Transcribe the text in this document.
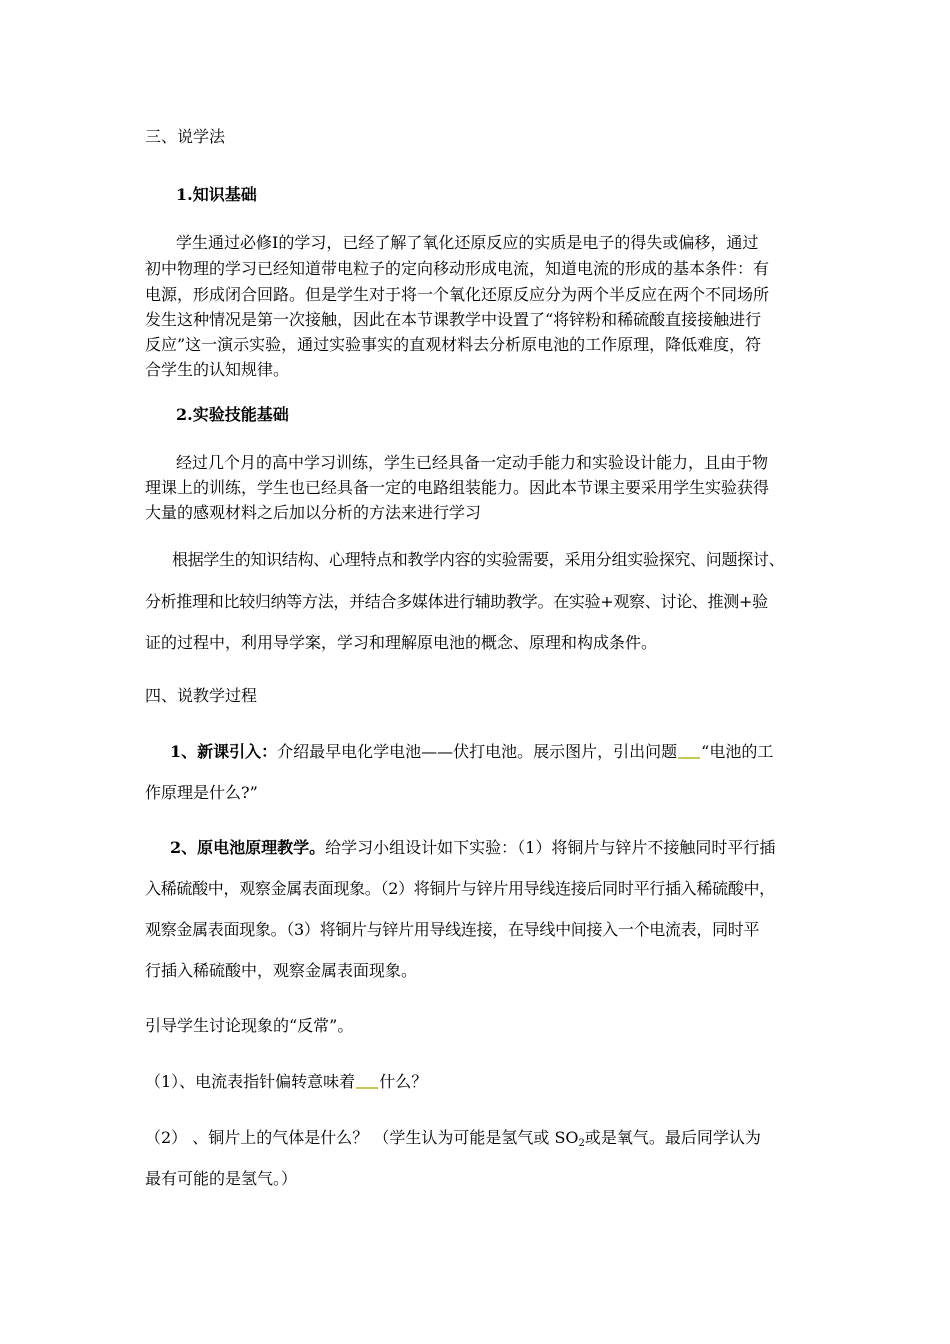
三、说学法
1.知识基础
学生通过必修Ⅰ的学习，已经了解了氧化还原反应的实质是电子的得失或偏移，通过
初中物理的学习已经知道带电粒子的定向移动形成电流，知道电流的形成的基本条件：有
电源，形成闭合回路。但是学生对于将一个氧化还原反应分为两个半反应在两个不同场所
发生这种情况是第一次接触，因此在本节课教学中设置了“将锌粉和稀硫酸直接接触进行
反应”这一演示实验，通过实验事实的直观材料去分析原电池的工作原理，降低难度，符
合学生的认知规律。
2.实验技能基础
经过几个月的高中学习训练，学生已经具备一定动手能力和实验设计能力，且由于物
理课上的训练，学生也已经具备一定的电路组装能力。因此本节课主要采用学生实验获得
大量的感观材料之后加以分析的方法来进行学习
根据学生的知识结构、心理特点和教学内容的实验需要，采用分组实验探究、问题探讨、
分析推理和比较归纳等方法，并结合多媒体进行辅助教学。在实验+观察、讨论、推测+验
证的过程中，利用导学案，学习和理解原电池的概念、原理和构成条件。
四、说教学过程
1、新课引入：介绍最早电化学电池——伏打电池。展示图片，引出问题 “电池的工
作原理是什么?”
2、原电池原理教学。给学习小组设计如下实验：（1）将铜片与锌片不接触同时平行插
入稀硫酸中，观察金属表面现象。（2）将铜片与锌片用导线连接后同时平行插入稀硫酸中，
观察金属表面现象。（3）将铜片与锌片用导线连接，在导线中间接入一个电流表，同时平
行插入稀硫酸中，观察金属表面现象。
引导学生讨论现象的“反常”。
（1）、电流表指针偏转意味着 什么？
（2） 、铜片上的气体是什么？ （学生认为可能是氢气或 SO2或是氧气。最后同学认为
最有可能的是氢气。）
